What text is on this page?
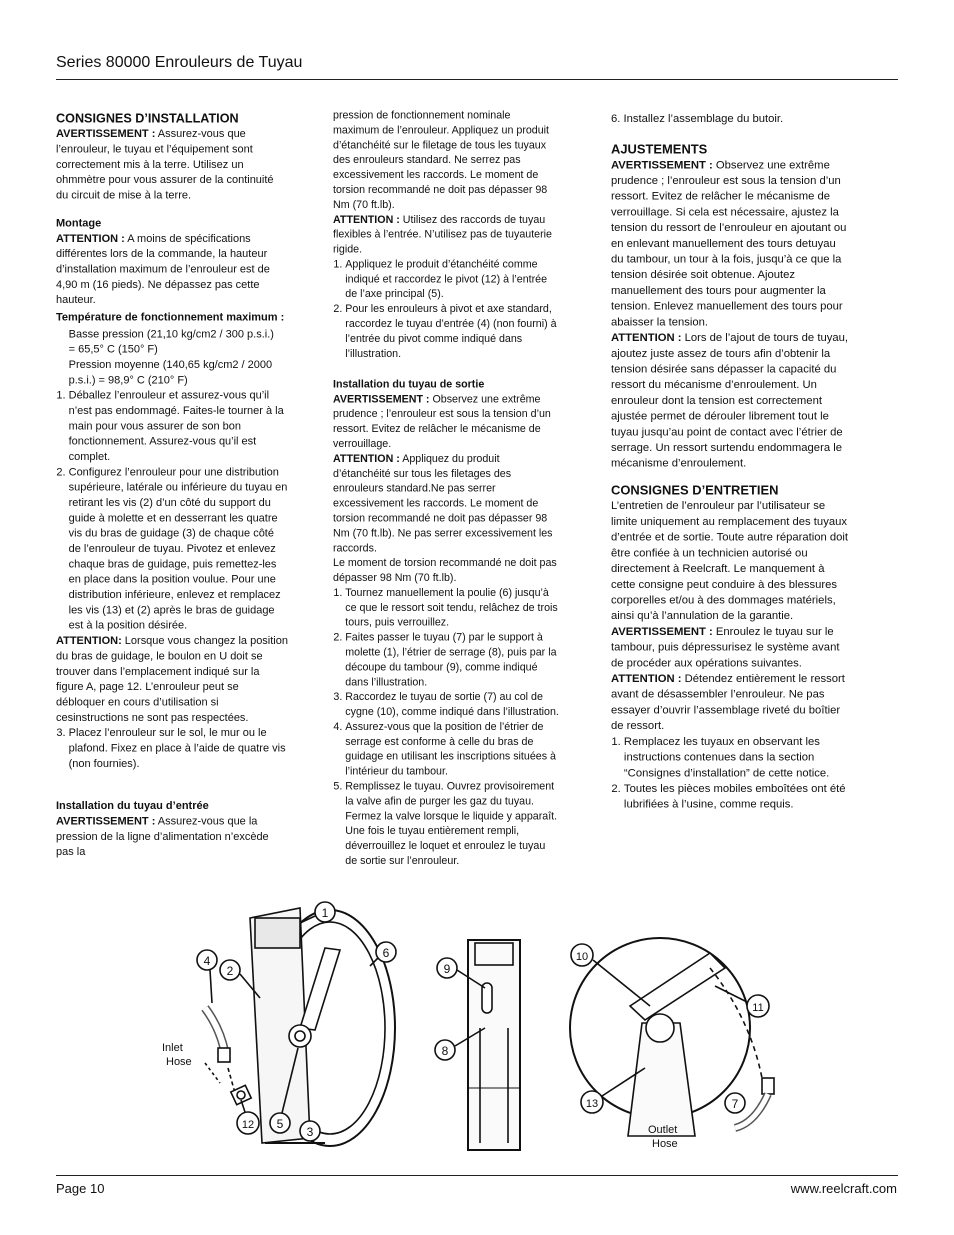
Series 80000 Enrouleurs de Tuyau

CONSIGNES D’INSTALLATION

AVERTISSEMENT : Assurez-vous que l’enrouleur, le tuyau et l’équipement sont correctement mis à la terre. Utilisez un ohmmètre pour vous assurer de la continuité du circuit de mise à la terre.

Montage

ATTENTION : A moins de spécifications différentes lors de la commande, la hauteur d’installation maximum de l’enrouleur est de 4,90 m (16 pieds). Ne dépassez pas cette hauteur.

Température de fonctionnement maximum :

Basse pression (21,10 kg/cm2 / 300 p.s.i.) = 65,5° C (150° F)

Pression moyenne (140,65 kg/cm2 / 2000 p.s.i.) = 98,9° C (210° F)

1. Déballez l’enrouleur et assurez-vous qu’il n’est pas endommagé. Faites-le tourner à la main pour vous assurer de son bon fonctionnement. Assurez-vous qu’il est complet.
2. Configurez l’enrouleur pour une distribution supérieure, latérale ou inférieure du tuyau en retirant les vis (2) d’un côté du support du guide à molette et en desserrant les quatre vis du bras de guidage (3) de chaque côté de l’enrouleur de tuyau. Pivotez et enlevez chaque bras de guidage, puis remettez-les en place dans la position voulue. Pour une distribution inférieure, enlevez et remplacez les vis (13) et (2) après le bras de guidage est à la position désirée.

ATTENTION: Lorsque vous changez la position du bras de guidage, le boulon en U doit se trouver dans l’emplacement indiqué sur la figure A, page 12. L’enrouleur peut se débloquer en cours d’utilisation si cesinstructions ne sont pas respectées.

3. Placez l’enrouleur sur le sol, le mur ou le plafond. Fixez en place à l’aide de quatre vis (non fournies).

Installation du tuyau d’entrée

AVERTISSEMENT : Assurez-vous que la pression de la ligne d’alimentation n’excède pas la

pression de fonctionnement nominale maximum de l’enrouleur. Appliquez un produit d’étanchéité sur le filetage de tous les tuyaux des enrouleurs standard. Ne serrez pas excessivement les raccords. Le moment de torsion recommandé ne doit pas dépasser 98 Nm (70 ft.lb).

ATTENTION : Utilisez des raccords de tuyau flexibles à l’entrée. N’utilisez pas de tuyauterie rigide.

1. Appliquez le produit d’étanchéité comme indiqué et raccordez le pivot (12) à l’entrée de l’axe principal (5).
2. Pour les enrouleurs à pivot et axe standard, raccordez le tuyau d’entrée (4) (non fourni) à l’entrée du pivot comme indiqué dans l’illustration.

Installation du tuyau de sortie

AVERTISSEMENT : Observez une extrême prudence ; l’enrouleur est sous la tension d’un ressort. Evitez de relâcher le mécanisme de verrouillage.

ATTENTION : Appliquez du produit d’étanchéité sur tous les filetages des enrouleurs standard.Ne pas serrer excessivement les raccords. Le moment de torsion recommandé ne doit pas dépasser 98 Nm (70 ft.lb). Ne pas serrer excessivement les raccords.

Le moment de torsion recommandé ne doit pas dépasser 98 Nm (70 ft.lb).

1. Tournez manuellement la poulie (6) jusqu’à ce que le ressort soit tendu, relâchez de trois tours, puis verrouillez.
2. Faites passer le tuyau (7) par le support à molette (1), l’étrier de serrage (8), puis par la découpe du tambour (9), comme indiqué dans l’illustration.
3. Raccordez le tuyau de sortie (7) au col de cygne (10), comme indiqué dans l’illustration.
4. Assurez-vous que la position de l’étrier de serrage est conforme à celle du bras de guidage en utilisant les inscriptions situées à l’intérieur du tambour.
5. Remplissez le tuyau. Ouvrez provisoirement la valve afin de purger les gaz du tuyau. Fermez la valve lorsque le liquide y apparaît. Une fois le tuyau entièrement rempli, déverrouillez le loquet et enroulez le tuyau de sortie sur l’enrouleur.

6. Installez l’assemblage du butoir.

AJUSTEMENTS

AVERTISSEMENT : Observez une extrême prudence ; l’enrouleur est sous la tension d’un ressort. Evitez de relâcher le mécanisme de verrouillage. Si cela est nécessaire, ajustez la tension du ressort de l’enrouleur en ajoutant ou en enlevant manuellement des tours detuyau du tambour, un tour à la fois, jusqu’à ce que la tension désirée soit obtenue. Ajoutez manuellement des tours pour augmenter la tension. Enlevez manuellement des tours pour abaisser la tension.

ATTENTION : Lors de l’ajout de tours de tuyau, ajoutez juste assez de tours afin d’obtenir la tension désirée sans dépasser la capacité du ressort du mécanisme d’enroulement. Un enrouleur dont la tension est correctement ajustée permet de dérouler librement tout le tuyau jusqu’au point de contact avec l’étrier de serrage. Un ressort surtendu endommagera le mécanisme d’enroulement.

CONSIGNES D’ENTRETIEN

L’entretien de l’enrouleur par l’utilisateur se limite uniquement au remplacement des tuyaux d’entrée et de sortie. Toute autre réparation doit être confiée à un technicien autorisé ou directement à Reelcraft. Le manquement à cette consigne peut conduire à des blessures corporelles et/ou à des dommages matériels, ainsi qu’à l’annulation de la garantie.

AVERTISSEMENT : Enroulez le tuyau sur le tambour, puis dépressurisez le système avant de procéder aux opérations suivantes.

ATTENTION : Détendez entièrement le ressort avant de désassembler l’enrouleur. Ne pas essayer d’ouvrir l’assemblage riveté du boîtier de ressort.

1. Remplacez les tuyaux en observant les instructions contenues dans la section “Consignes d’installation” de cette notice.
2. Toutes les pièces mobiles emboîtées ont été lubrifiées à l’usine, comme requis.
1
2
3
4
5
6
7
8
9
10
11
12
13
Inlet
Hose
Outlet
Hose
Page 10	www.reelcraft.com
